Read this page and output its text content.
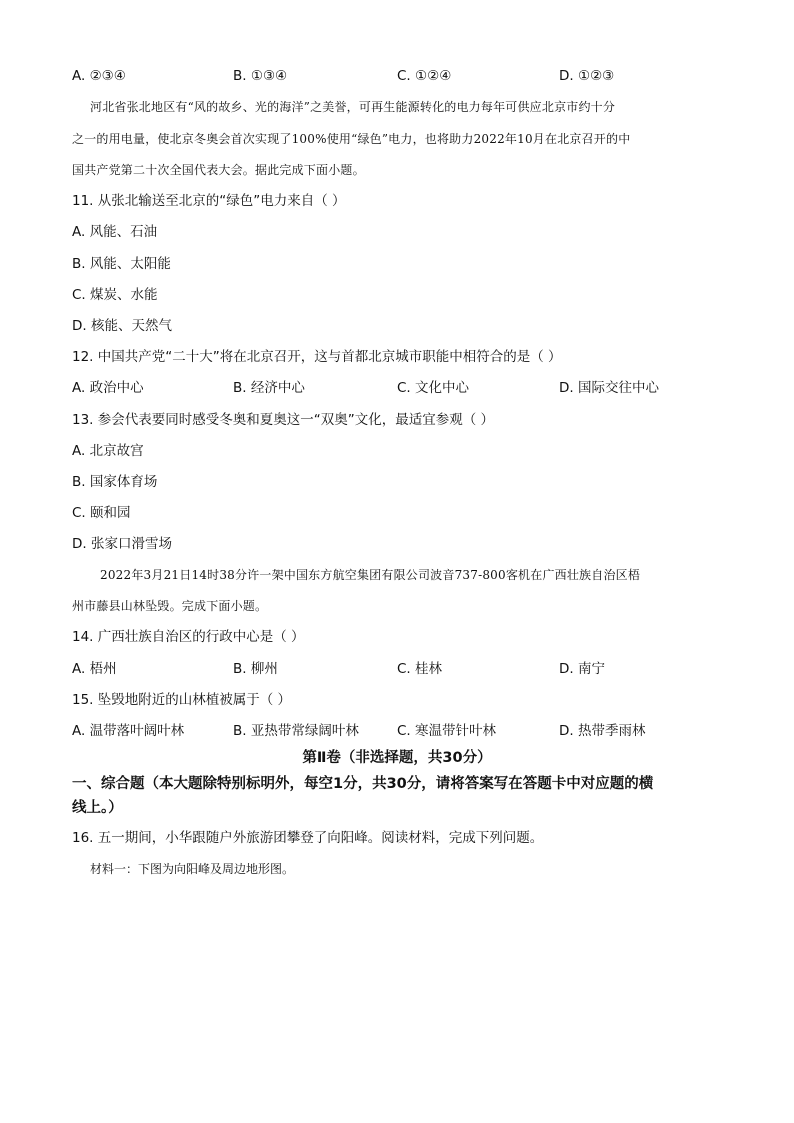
A. ②③④	B. ①③④	C. ①②④	D. ①②③
河北省张北地区有“风的故乡、光的海洋”之美誉，可再生能源转化的电力每年可供应北京市约十分
之一的用电量，使北京冬奥会首次实现了100%使用“绿色”电力，也将助力2022年10月在北京召开的中
国共产党第二十次全国代表大会。据此完成下面小题。
11. 从张北输送至北京的“绿色”电力来自（ ）
A. 风能、石油
B. 风能、太阳能
C. 煤炭、水能
D. 核能、天然气
12. 中国共产党“二十大”将在北京召开，这与首都北京城市职能中相符合的是（ ）
A. 政治中心	B. 经济中心	C. 文化中心	D. 国际交往中心
13. 参会代表要同时感受冬奥和夏奥这一“双奥”文化，最适宜参观（ ）
A. 北京故宫
B. 国家体育场
C. 颐和园
D. 张家口滑雪场
2022年3月21日14时38分许一架中国东方航空集团有限公司波音737-800客机在广西壮族自治区梧
州市藤县山林坠毁。完成下面小题。
14. 广西壮族自治区的行政中心是（ ）
A. 梧州	B. 柳州	C. 桂林	D. 南宁
15. 坠毁地附近的山林植被属于（ ）
A. 温带落叶阔叶林	B. 亚热带常绿阔叶林	C. 寒温带针叶林	D. 热带季雨林
第Ⅱ卷（非选择题，共30分）
一、综合题（本大题除特别标明外，每空1分，共30分，请将答案写在答题卡中对应题的横
线上。）
16. 五一期间，小华跟随户外旅游团攀登了向阳峰。阅读材料，完成下列问题。
材料一：下图为向阳峰及周边地形图。
